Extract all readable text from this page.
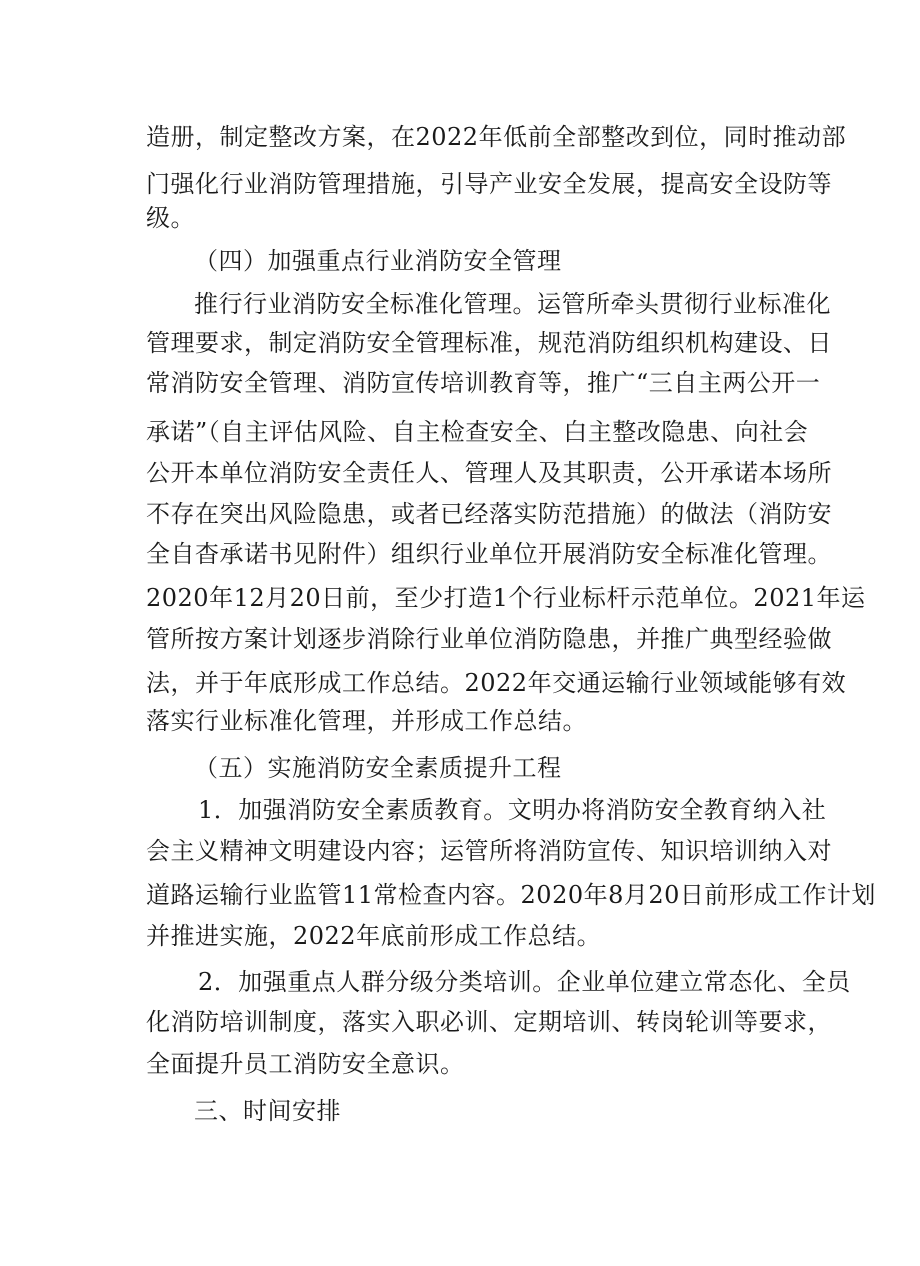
造册，制定整改方案，在2022年低前全部整改到位，同时推动部
门强化行业消防管理措施，引导产业安全发展，提高安全设防等
级。
（四）加强重点行业消防安全管理
推行行业消防安全标准化管理。运管所牵头贯彻行业标准化
管理要求，制定消防安全管理标准，规范消防组织机构建设、日
常消防安全管理、消防宣传培训教育等，推广“三自主两公开一
承诺”（自主评估风险、自主检查安全、白主整改隐患、向社会
公开本单位消防安全责任人、管理人及其职责，公开承诺本场所
不存在突出风险隐患，或者已经落实防范措施）的做法（消防安
全自杳承诺书见附件）组织行业单位开展消防安全标准化管理。
2020年12月20日前，至少打造1个行业标杆示范单位。2021年运
管所按方案计划逐步消除行业单位消防隐患，并推广典型经验做
法，并于年底形成工作总结。2022年交通运输行业领域能够有效
落实行业标准化管理，并形成工作总结。
（五）实施消防安全素质提升工程
1．加强消防安全素质教育。文明办将消防安全教育纳入社
会主义精神文明建设内容；运管所将消防宣传、知识培训纳入对
道路运输行业监管11常检查内容。2020年8月20日前形成工作计划
并推进实施，2022年底前形成工作总结。
2．加强重点人群分级分类培训。企业单位建立常态化、全员
化消防培训制度，落实入职必训、定期培训、转岗轮训等要求，
全面提升员工消防安全意识。
三、时间安排
